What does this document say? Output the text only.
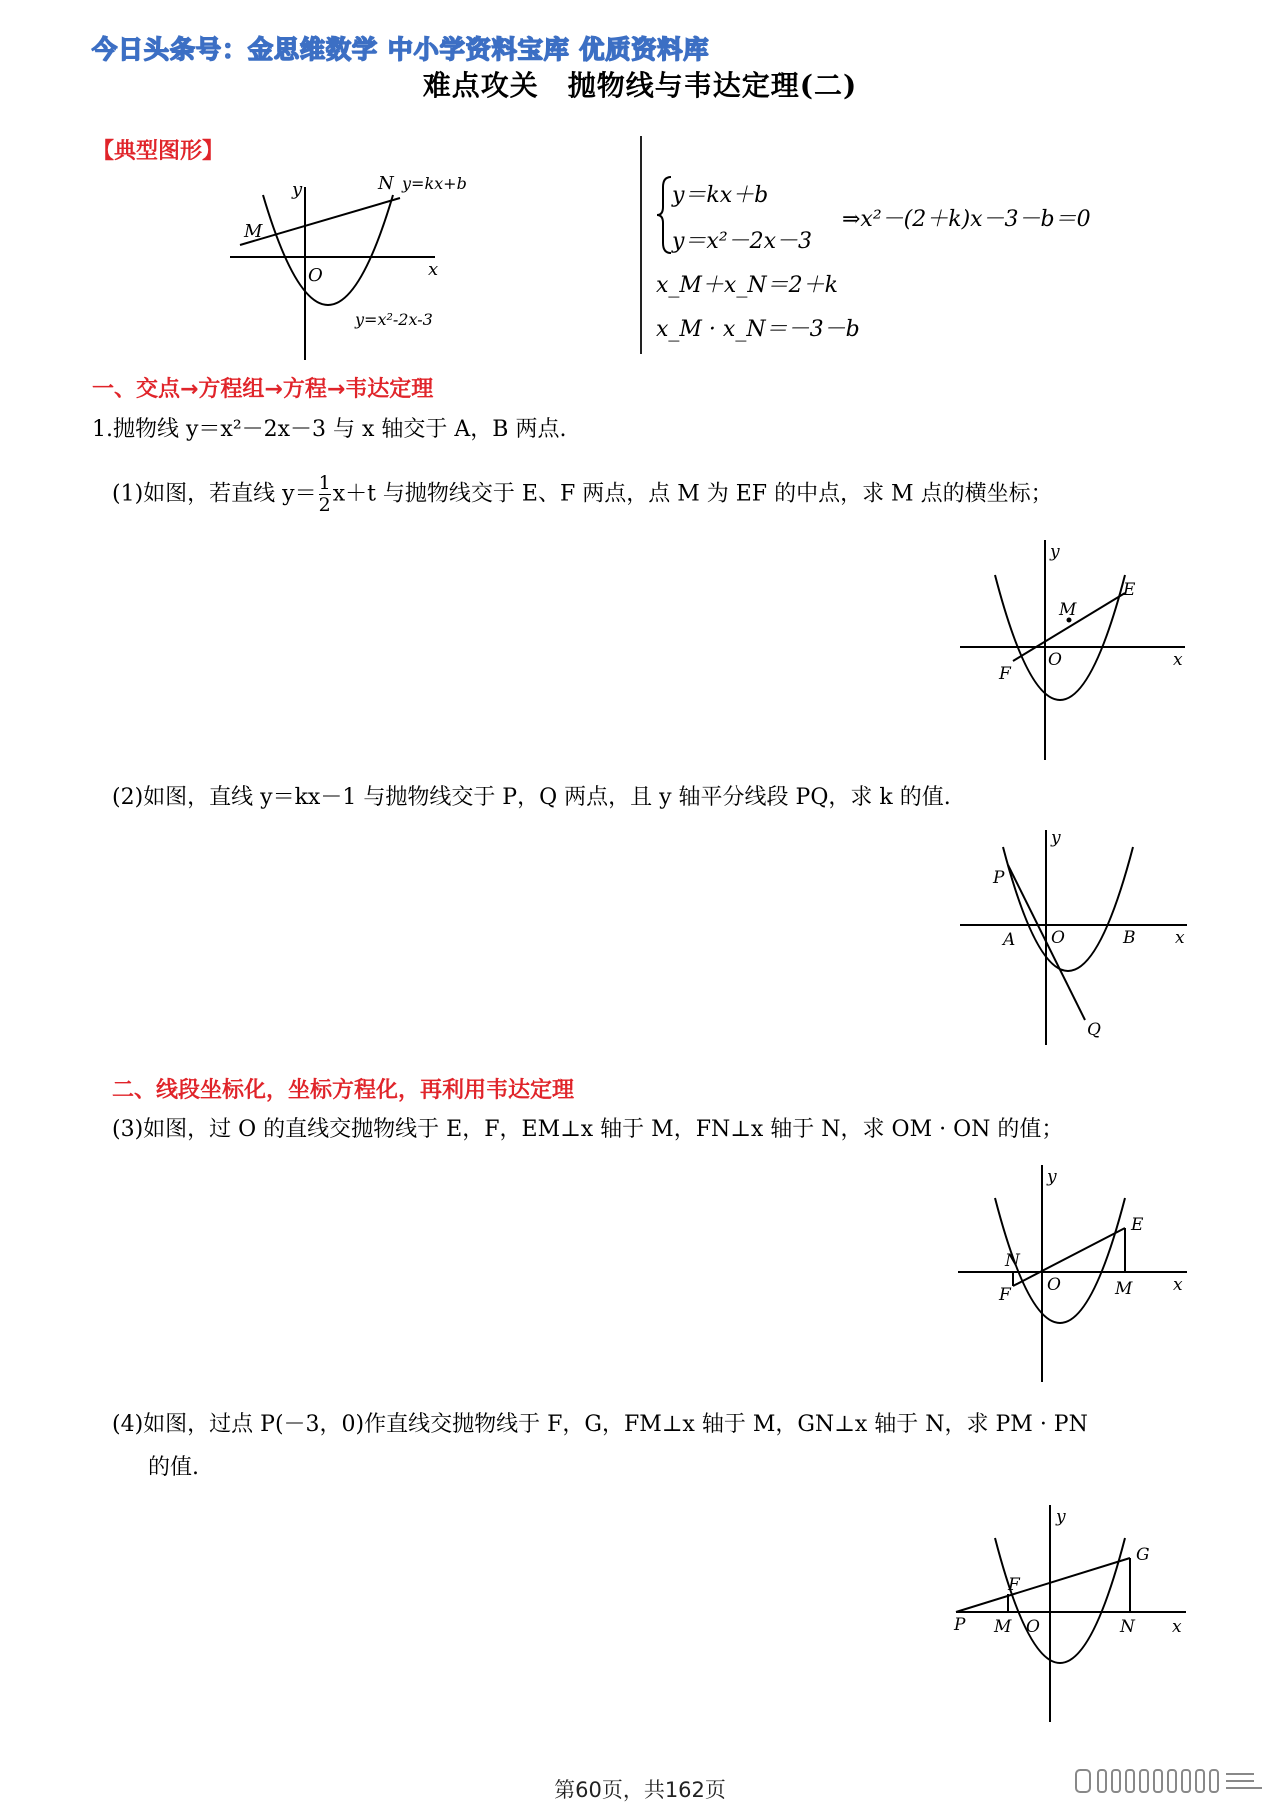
今日头条号：金思维数学 中小学资料宝库 优质资料库
难点攻关　抛物线与韦达定理(二)
【典型图形】
y
x
O
M
N y=kx+b
y=x²-2x-3
y＝kx＋b
y＝x²－2x－3
⇒x²－(2＋k)x－3－b＝0
x_M＋x_N＝2＋k
x_M · x_N＝－3－b
一、交点→方程组→方程→韦达定理
1.抛物线 y＝x²－2x－3 与 x 轴交于 A，B 两点.
(1)如图，若直线 $y= \frac{1}{2} x+t$ 与抛物线交于 E、F 两点，点 M 为 EF 的中点，求 M 点的横坐标；
y
x
O
E
F
M
(2)如图，直线 y＝kx－1 与抛物线交于 P，Q 两点，且 y 轴平分线段 PQ，求 k 的值.
y
x
O
P
Q
A	B
二、线段坐标化，坐标方程化，再利用韦达定理
(3)如图，过 O 的直线交抛物线于 E，F，EM⊥x 轴于 M，FN⊥x 轴于 N，求 OM · ON 的值；
y
x
O
E
F	M
N
(4)如图，过点 P(－3，0)作直线交抛物线于 F，G，FM⊥x 轴于 M，GN⊥x 轴于 N，求 PM · PN
的值.
y
x
O
P M	N
F
G
第60页，共162页
